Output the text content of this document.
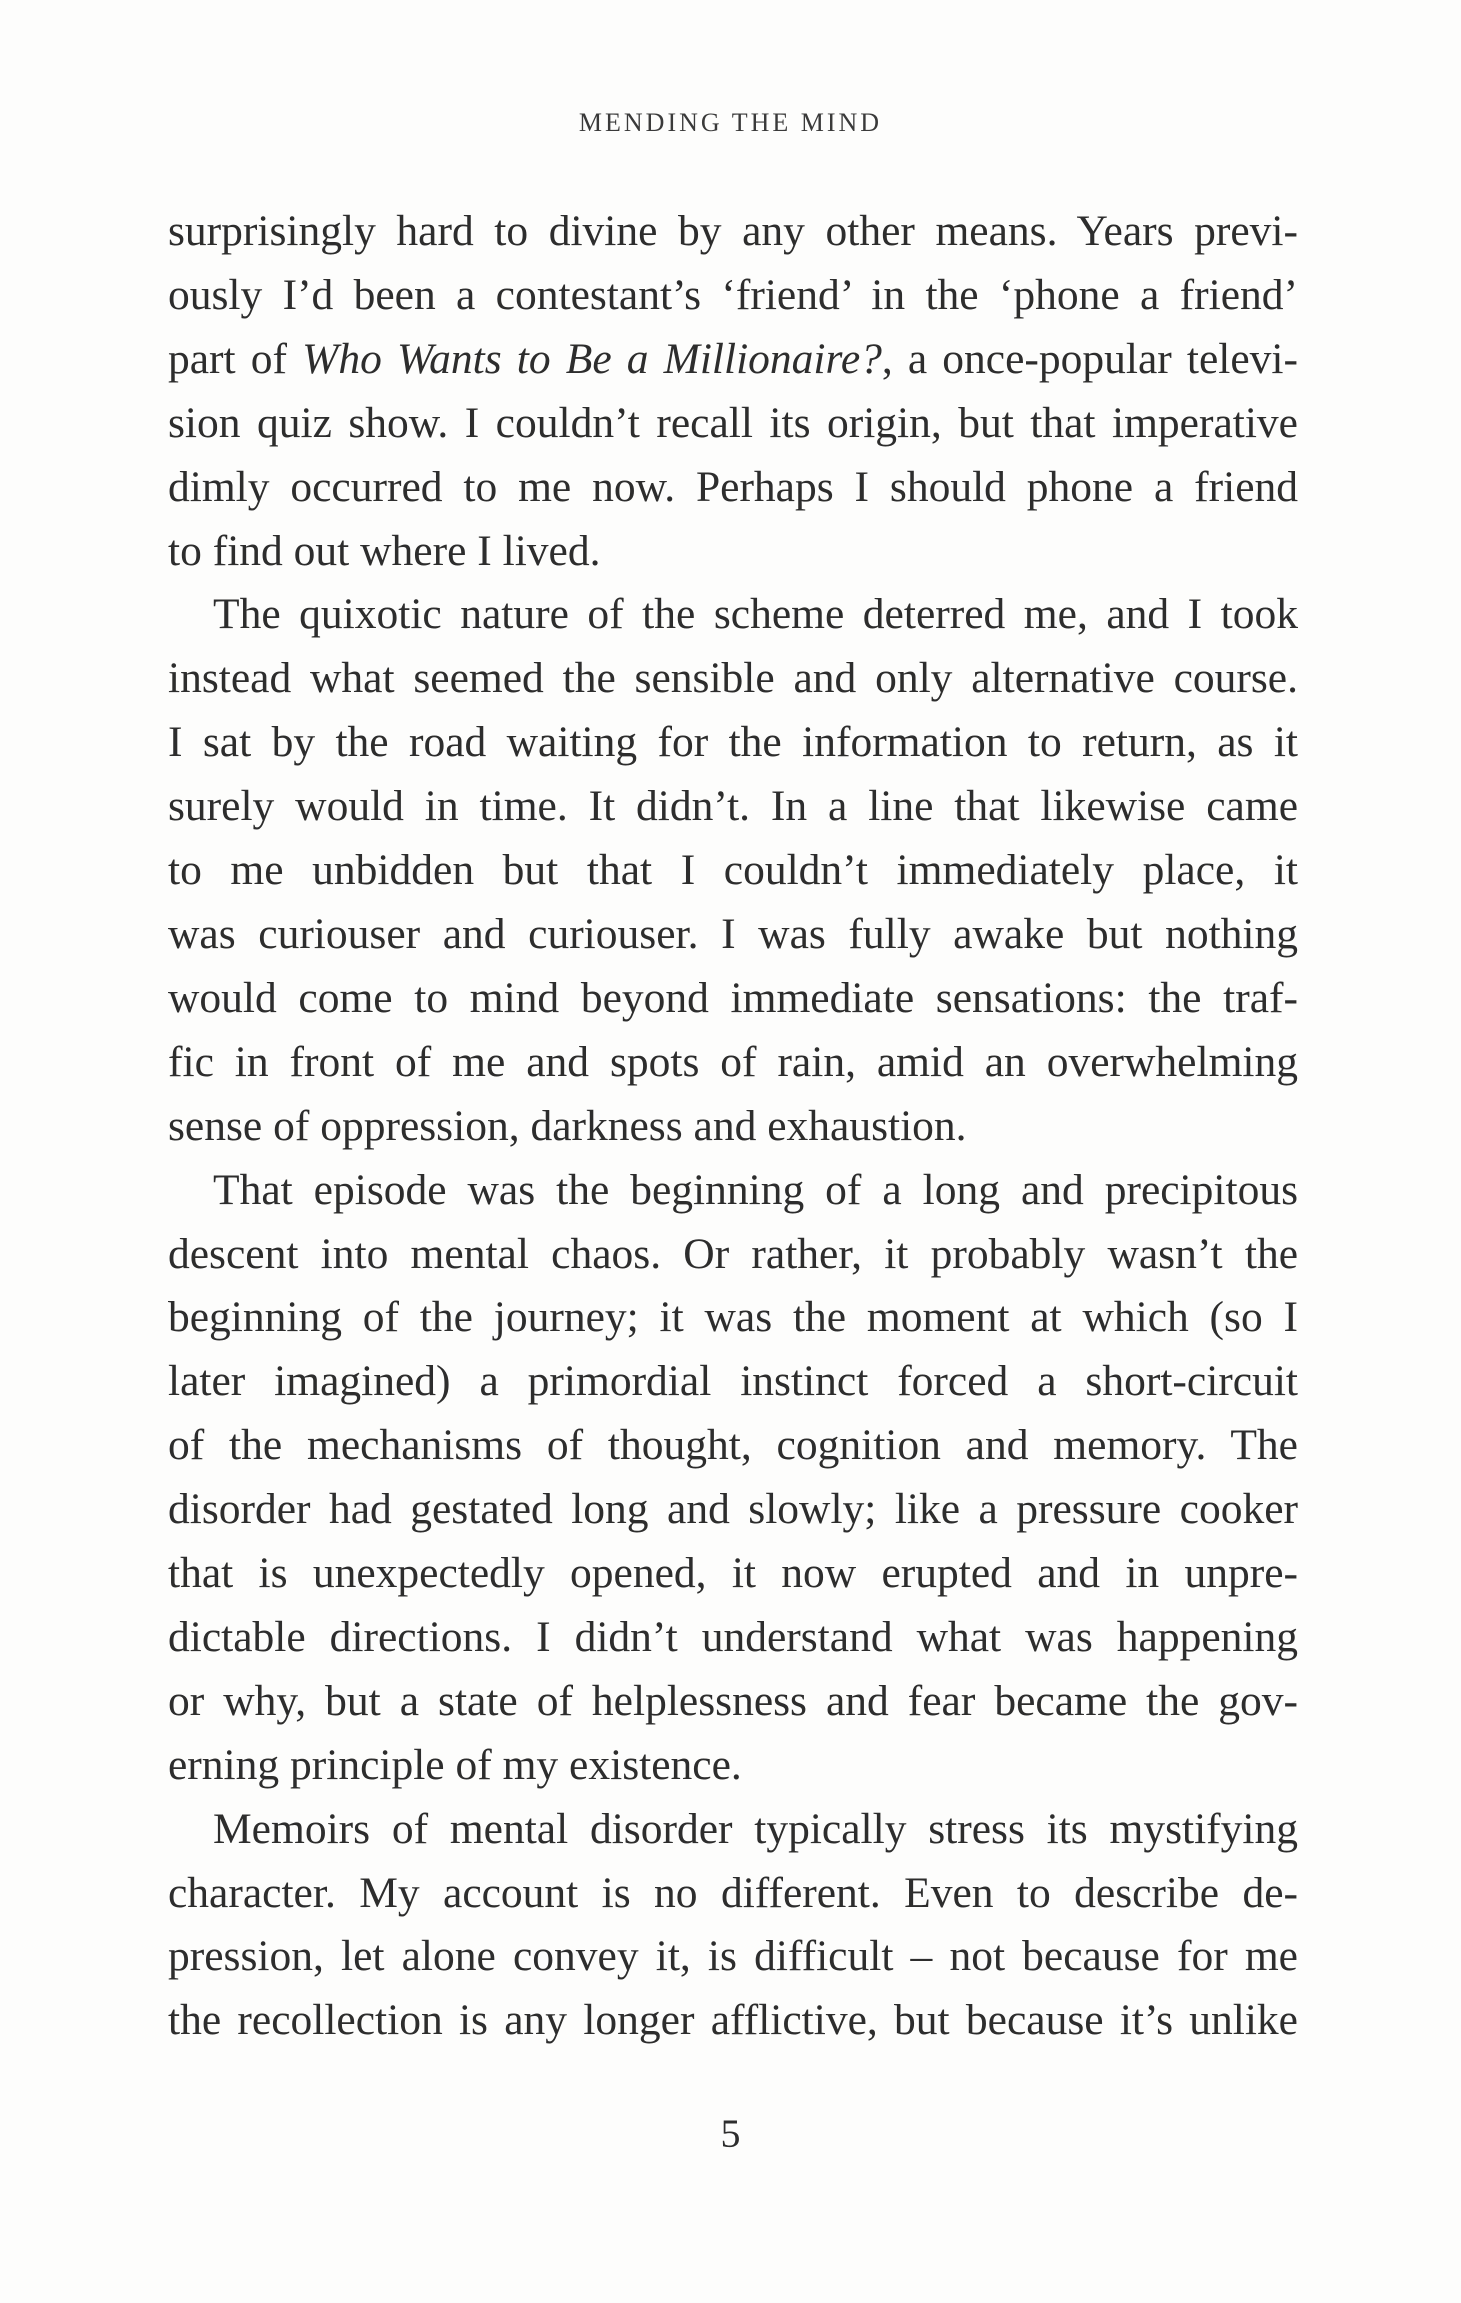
MENDING THE MIND
surprisingly hard to divine by any other means. Years previ-
ously I’d been a contestant’s ‘friend’ in the ‘phone a friend’
part of Who Wants to Be a Millionaire?, a once-popular televi-
sion quiz show. I couldn’t recall its origin, but that imperative
dimly occurred to me now. Perhaps I should phone a friend
to find out where I lived.
The quixotic nature of the scheme deterred me, and I took
instead what seemed the sensible and only alternative course.
I sat by the road waiting for the information to return, as it
surely would in time. It didn’t. In a line that likewise came
to me unbidden but that I couldn’t immediately place, it
was curiouser and curiouser. I was fully awake but nothing
would come to mind beyond immediate sensations: the traf-
fic in front of me and spots of rain, amid an overwhelming
sense of oppression, darkness and exhaustion.
That episode was the beginning of a long and precipitous
descent into mental chaos. Or rather, it probably wasn’t the
beginning of the journey; it was the moment at which (so I
later imagined) a primordial instinct forced a short-circuit
of the mechanisms of thought, cognition and memory. The
disorder had gestated long and slowly; like a pressure cooker
that is unexpectedly opened, it now erupted and in unpre-
dictable directions. I didn’t understand what was happening
or why, but a state of helplessness and fear became the gov-
erning principle of my existence.
Memoirs of mental disorder typically stress its mystifying
character. My account is no different. Even to describe de-
pression, let alone convey it, is difficult – not because for me
the recollection is any longer afflictive, but because it’s unlike
5
